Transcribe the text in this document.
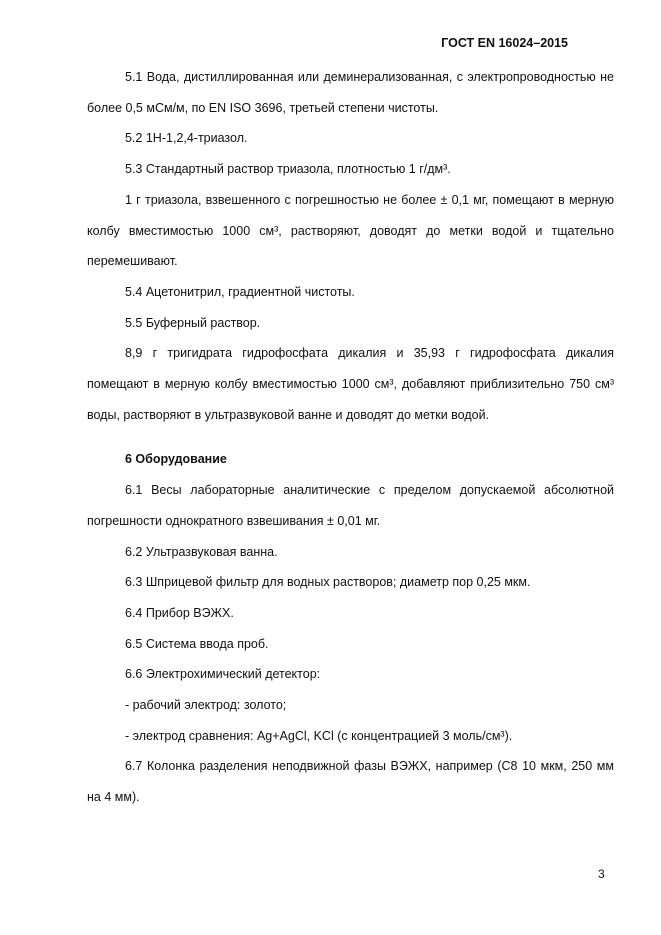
ГОСТ EN 16024–2015

5.1 Вода, дистиллированная или деминерализованная, с электропроводностью не более 0,5 мСм/м, по EN ISO 3696, третьей степени чистоты.

5.2 1Н-1,2,4-триазол.

5.3 Стандартный раствор триазола, плотностью 1 г/дм³.

1 г триазола, взвешенного с погрешностью не более ± 0,1 мг, помещают в мерную колбу вместимостью 1000 см³, растворяют, доводят до метки водой и тщательно перемешивают.

5.4 Ацетонитрил, градиентной чистоты.

5.5 Буферный раствор.

8,9 г тригидрата гидрофосфата дикалия и 35,93 г гидрофосфата дикалия помещают в мерную колбу вместимостью 1000 см³, добавляют приблизительно 750 см³ воды, растворяют в ультразвуковой ванне и доводят до метки водой.

6 Оборудование

6.1 Весы лабораторные аналитические с пределом допускаемой абсолютной погрешности однократного взвешивания ± 0,01 мг.

6.2 Ультразвуковая ванна.

6.3 Шприцевой фильтр для водных растворов; диаметр пор 0,25 мкм.

6.4 Прибор ВЭЖХ.

6.5 Система ввода проб.

6.6 Электрохимический детектор:

- рабочий электрод: золото;

- электрод сравнения: Ag+AgCl, KCl (с концентрацией 3 моль/см³).

6.7 Колонка разделения неподвижной фазы ВЭЖХ, например (С8 10 мкм, 250 мм на 4 мм).

3
